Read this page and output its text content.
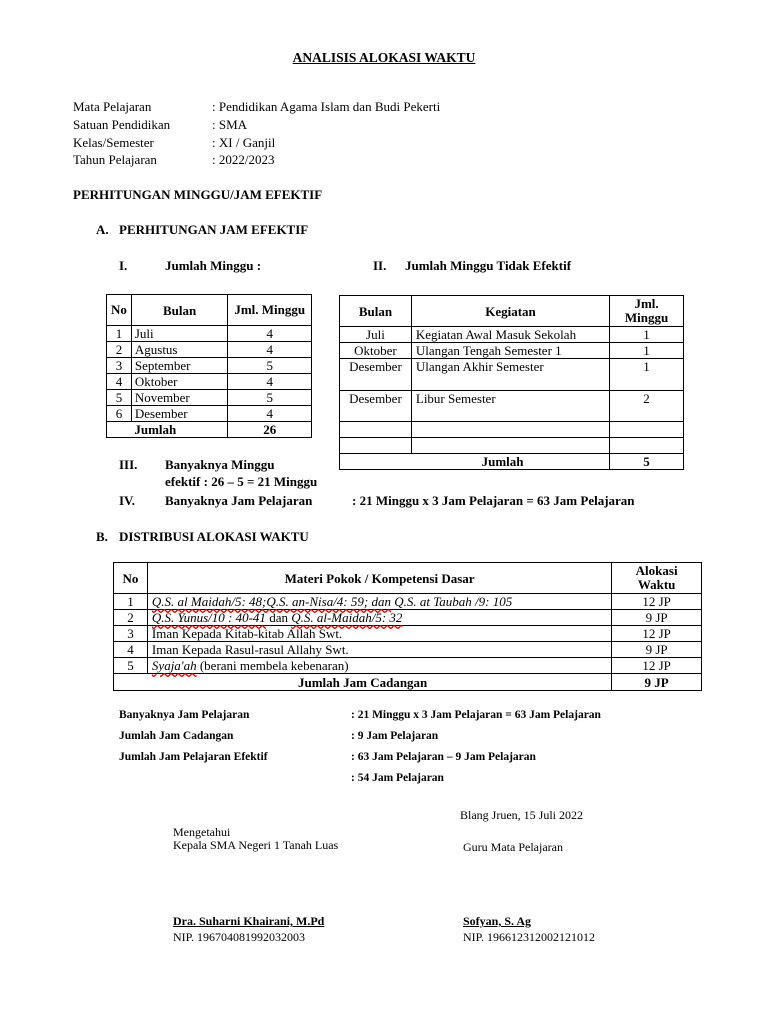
ANALISIS ALOKASI WAKTU
Mata Pelajaran	: Pendidikan Agama Islam dan Budi Pekerti
Satuan Pendidikan	: SMA
Kelas/Semester	: XI / Ganjil
Tahun Pelajaran	: 2022/2023
PERHITUNGAN MINGGU/JAM EFEKTIF
A. PERHITUNGAN JAM EFEKTIF
I.	Jumlah Minggu :	II. Jumlah Minggu Tidak Efektif
No	Bulan	Jml. Minggu
1	Juli	4
2	Agustus	4
3	September	5
4	Oktober	4
5	November	5
6	Desember	4
	Jumlah	26
Bulan	Kegiatan	Jml. Minggu
Juli	Kegiatan Awal Masuk Sekolah	1
Oktober	Ulangan Tengah Semester 1	1
Desember	Ulangan Akhir Semester	1
Desember	Libur Semester	2

Jumlah		5
III. Banyaknya Minggu
efektif : 26 – 5 = 21 Minggu
IV. Banyaknya Jam Pelajaran	: 21 Minggu x 3 Jam Pelajaran = 63 Jam Pelajaran
B. DISTRIBUSI ALOKASI WAKTU
No	Materi Pokok / Kompetensi Dasar	Alokasi Waktu
1	Q.S. al Maidah/5: 48;Q.S. an-Nisa/4: 59; dan Q.S. at Taubah /9: 105	12 JP
2	Q.S. Yunus/10 : 40-41 dan Q.S. al-Maidah/5: 32	9 JP
3	Iman Kepada Kitab-kitab Allah Swt.	12 JP
4	Iman Kepada Rasul-rasul Allahy Swt.	9 JP
5	Syaja'ah (berani membela kebenaran)	12 JP
Jumlah Jam Cadangan		9 JP
Banyaknya Jam Pelajaran	: 21 Minggu x 3 Jam Pelajaran = 63 Jam Pelajaran
Jumlah Jam Cadangan	: 9 Jam Pelajaran
Jumlah Jam Pelajaran Efektif	: 63 Jam Pelajaran – 9 Jam Pelajaran
: 54 Jam Pelajaran
Blang Jruen, 15 Juli 2022
Mengetahui
Kepala SMA Negeri 1 Tanah Luas	Guru Mata Pelajaran
Dra. Suharni Khairani, M.Pd
NIP. 196704081992032003
Sofyan, S. Ag
NIP. 196612312002121012
